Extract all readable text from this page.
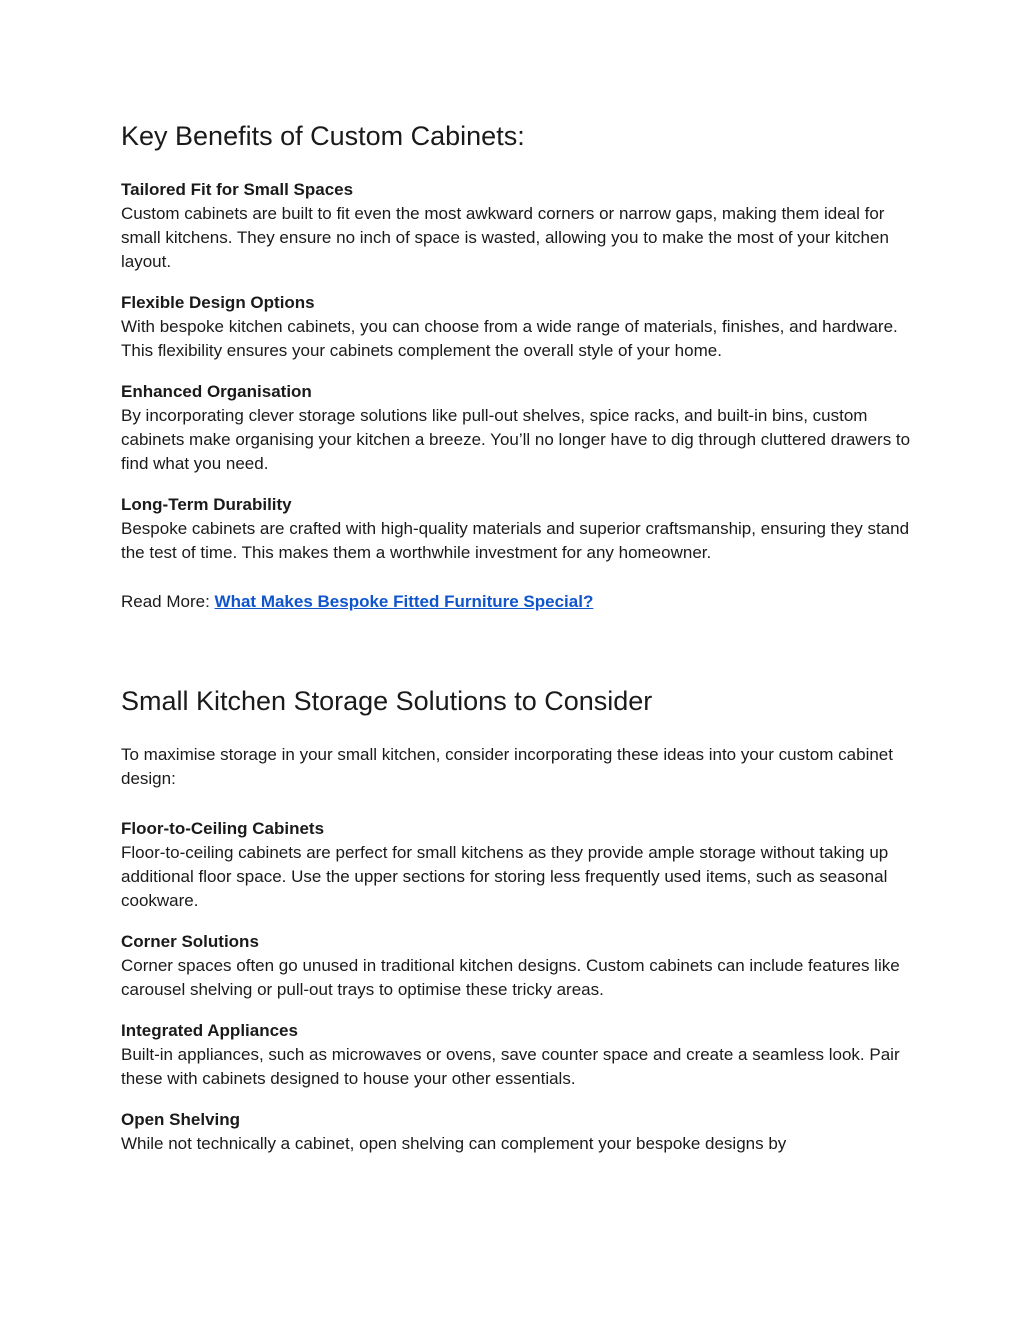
Key Benefits of Custom Cabinets:
Tailored Fit for Small Spaces
Custom cabinets are built to fit even the most awkward corners or narrow gaps, making them ideal for small kitchens. They ensure no inch of space is wasted, allowing you to make the most of your kitchen layout.
Flexible Design Options
With bespoke kitchen cabinets, you can choose from a wide range of materials, finishes, and hardware. This flexibility ensures your cabinets complement the overall style of your home.
Enhanced Organisation
By incorporating clever storage solutions like pull-out shelves, spice racks, and built-in bins, custom cabinets make organising your kitchen a breeze. You’ll no longer have to dig through cluttered drawers to find what you need.
Long-Term Durability
Bespoke cabinets are crafted with high-quality materials and superior craftsmanship, ensuring they stand the test of time. This makes them a worthwhile investment for any homeowner.
Read More: What Makes Bespoke Fitted Furniture Special?
Small Kitchen Storage Solutions to Consider
To maximise storage in your small kitchen, consider incorporating these ideas into your custom cabinet design:
Floor-to-Ceiling Cabinets
Floor-to-ceiling cabinets are perfect for small kitchens as they provide ample storage without taking up additional floor space. Use the upper sections for storing less frequently used items, such as seasonal cookware.
Corner Solutions
Corner spaces often go unused in traditional kitchen designs. Custom cabinets can include features like carousel shelving or pull-out trays to optimise these tricky areas.
Integrated Appliances
Built-in appliances, such as microwaves or ovens, save counter space and create a seamless look. Pair these with cabinets designed to house your other essentials.
Open Shelving
While not technically a cabinet, open shelving can complement your bespoke designs by
